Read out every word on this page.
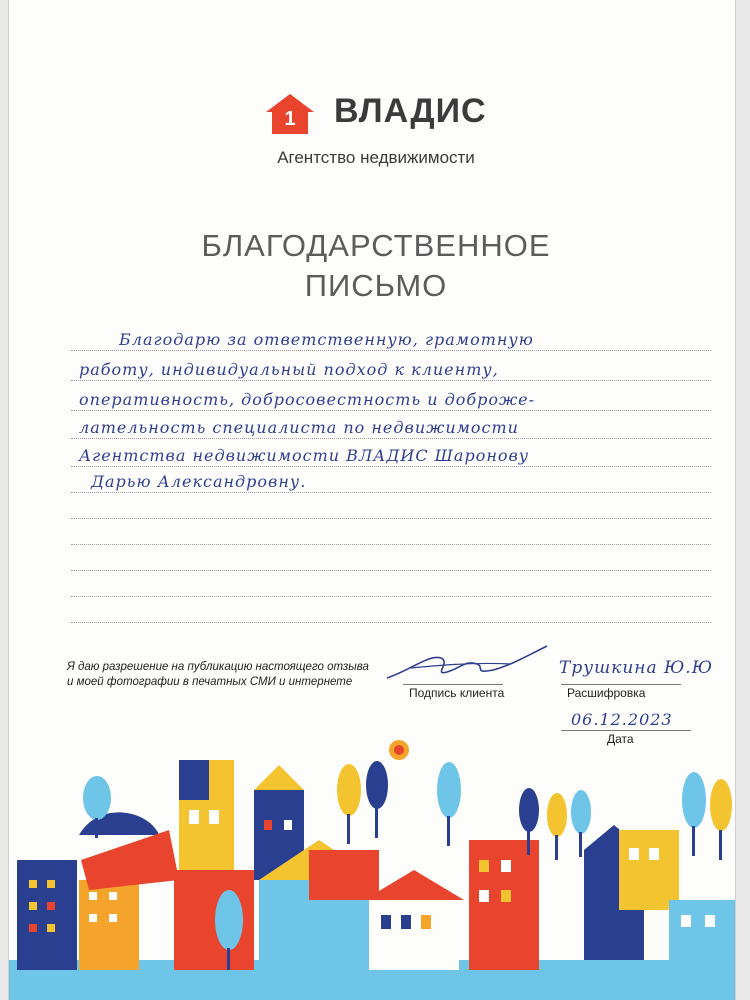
1 ВЛАДИС
Агентство недвижимости
БЛАГОДАРСТВЕННОЕ
ПИСЬМО
Благодарю за ответственную, грамотную
работу, индивидуальный подход к клиенту,
оперативность, добросовестность и доброже-
лательность специалиста по недвижимости
Агентства недвижимости ВЛАДИС Шаронову
Дарью Александровну.
Я даю разрешение на публикацию настоящего отзыва
и моей фотографии в печатных СМИ и интернете
Подпись клиента
Трушкина Ю.Ю
Расшифровка
06.12.2023
Дата
